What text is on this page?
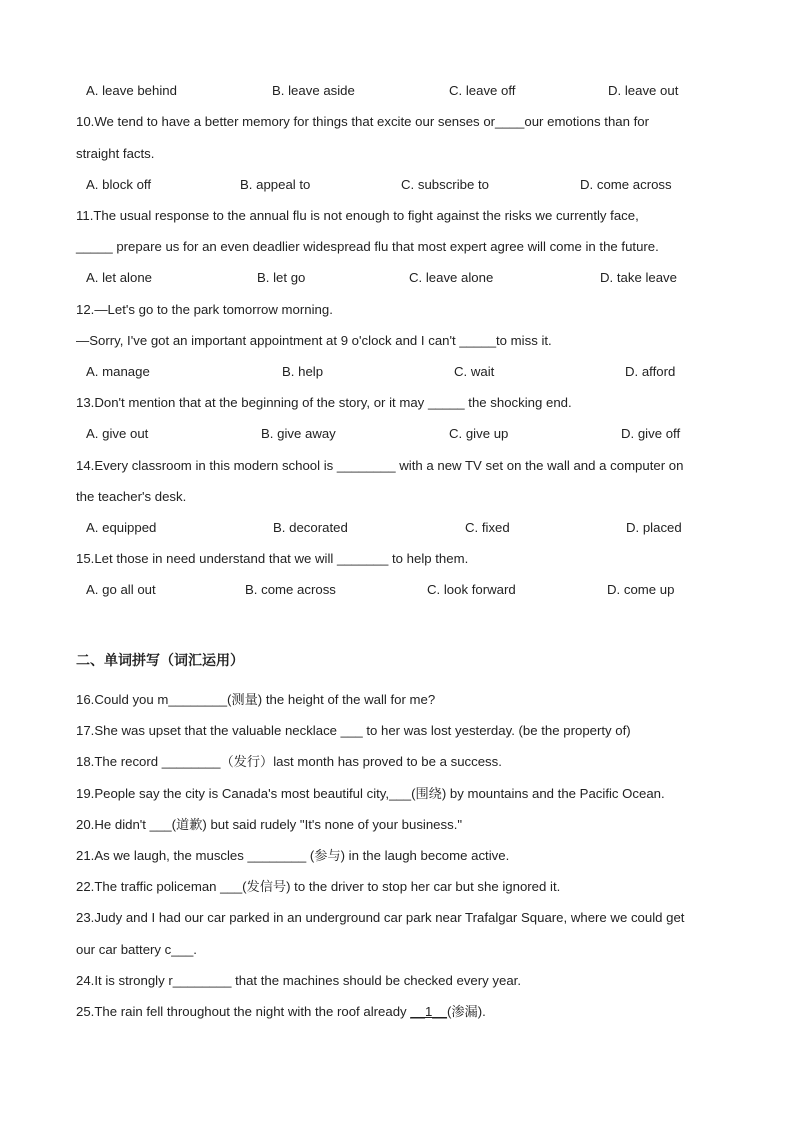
A. leave behind	B. leave aside	C. leave off	D. leave out
10.We tend to have a better memory for things that excite our senses or____our emotions than for
straight facts.
A. block off	B. appeal to	C. subscribe to	D. come across
11.The usual response to the annual flu is not enough to fight against the risks we currently face,
_____ prepare us for an even deadlier widespread flu that most expert agree will come in the future.
A. let alone	B. let go	C. leave alone	D. take leave
12.—Let's go to the park tomorrow morning.
—Sorry, I've got an important appointment at 9 o'clock and I can't _____to miss it.
A. manage	B. help	C. wait	D. afford
13.Don't mention that at the beginning of the story, or it may _____ the shocking end.
A. give out	B. give away	C. give up	D. give off
14.Every classroom in this modern school is ________ with a new TV set on the wall and a computer on
the teacher's desk.
A. equipped	B. decorated	C. fixed	D. placed
15.Let those in need understand that we will _______ to help them.
A. go all out	B. come across	C. look forward	D. come up
二、单词拼写（词汇运用）
16.Could you m________(测量) the height of the wall for me?
17.She was upset that the valuable necklace ___ to her was lost yesterday. (be the property of)
18.The record ________（发行）last month has proved to be a success.
19.People say the city is Canada's most beautiful city,___(围绕) by mountains and the Pacific Ocean.
20.He didn't ___(道歉) but said rudely "It's none of your business."
21.As we laugh, the muscles ________ (参与) in the laugh become active.
22.The traffic policeman ___(发信号) to the driver to stop her car but she ignored it.
23.Judy and I had our car parked in an underground car park near Trafalgar Square, where we could get
our car battery c___.
24.It is strongly r________ that the machines should be checked every year.
25.The rain fell throughout the night with the roof already __1__(渗漏).
